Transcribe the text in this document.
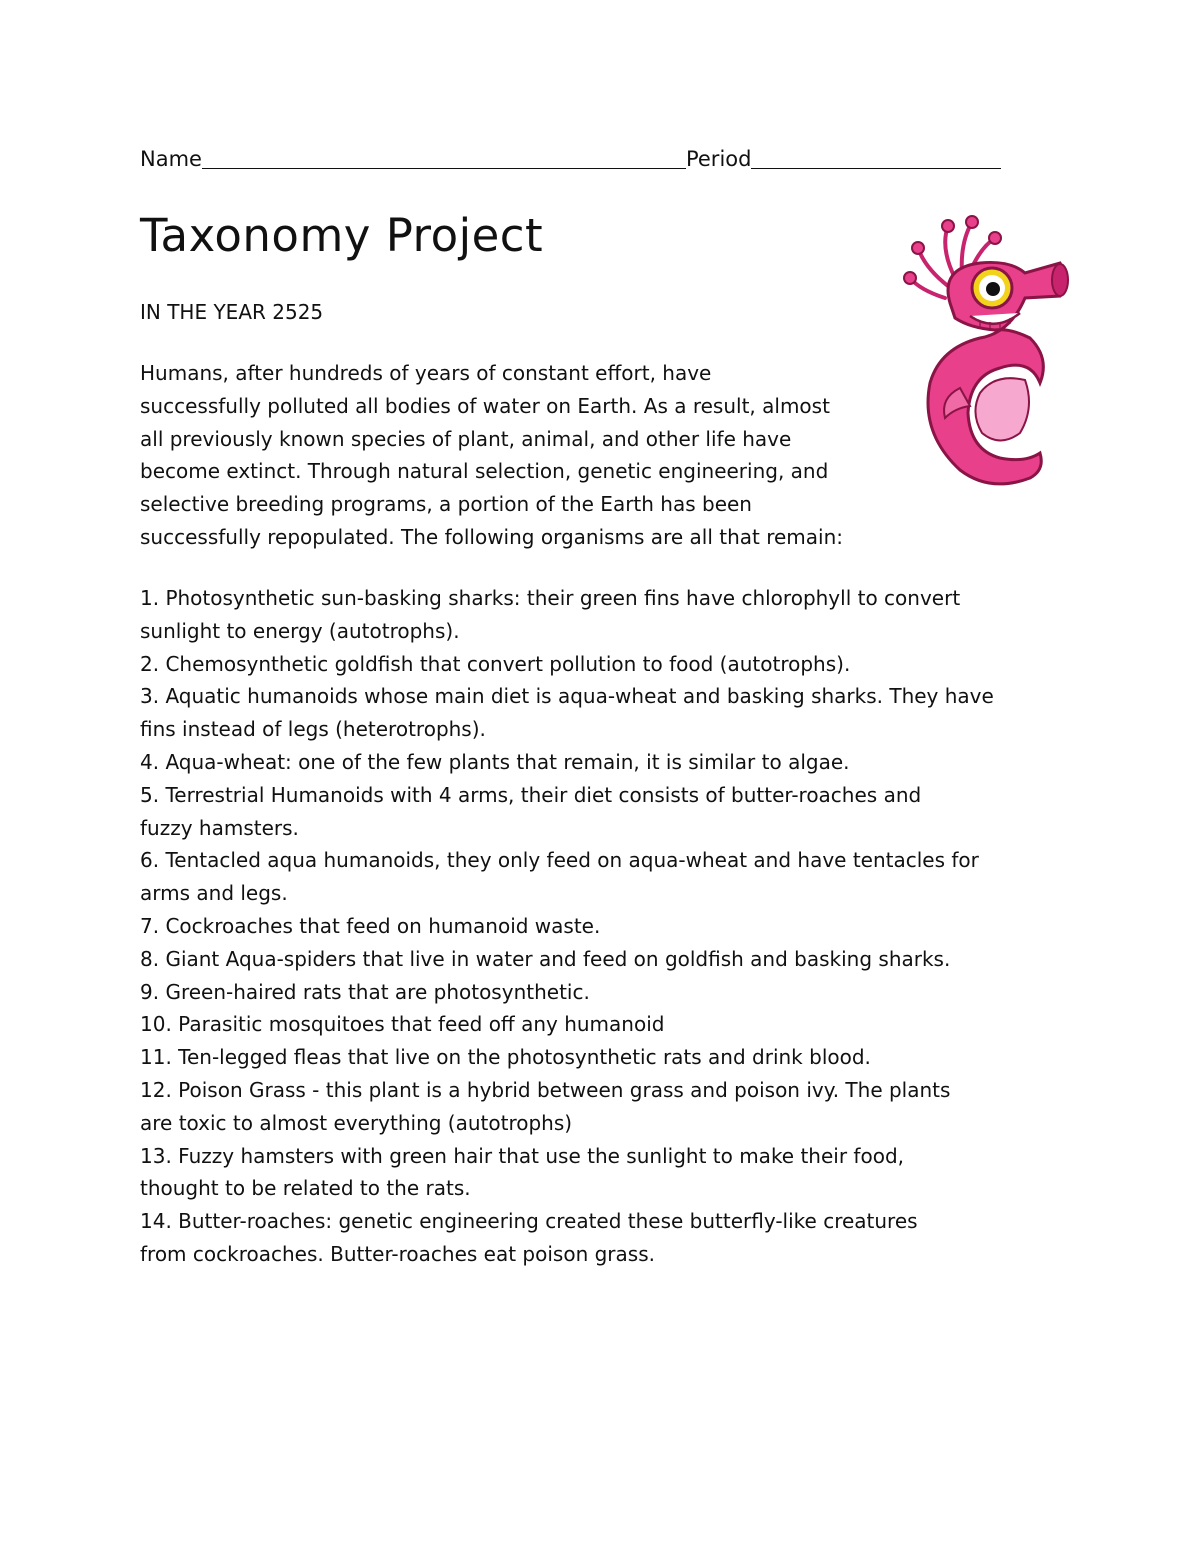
Name	Period
Taxonomy Project
IN THE YEAR 2525

Humans, after hundreds of years of constant effort, have
successfully polluted all bodies of water on Earth. As a result, almost
all previously known species of plant, animal, and other life have
become extinct. Through natural selection, genetic engineering, and
selective breeding programs, a portion of the Earth has been
successfully repopulated. The following organisms are all that remain:

1. Photosynthetic sun-basking sharks: their green fins have chlorophyll to convert
sunlight to energy (autotrophs).
2. Chemosynthetic goldfish that convert pollution to food (autotrophs).
3. Aquatic humanoids whose main diet is aqua-wheat and basking sharks. They have
fins instead of legs (heterotrophs).
4. Aqua-wheat: one of the few plants that remain, it is similar to algae.
5. Terrestrial Humanoids with 4 arms, their diet consists of butter-roaches and
fuzzy hamsters.
6. Tentacled aqua humanoids, they only feed on aqua-wheat and have tentacles for
arms and legs.
7. Cockroaches that feed on humanoid waste.
8. Giant Aqua-spiders that live in water and feed on goldfish and basking sharks.
9. Green-haired rats that are photosynthetic.
10. Parasitic mosquitoes that feed off any humanoid
11. Ten-legged fleas that live on the photosynthetic rats and drink blood.
12. Poison Grass - this plant is a hybrid between grass and poison ivy. The plants
are toxic to almost everything (autotrophs)
13. Fuzzy hamsters with green hair that use the sunlight to make their food,
thought to be related to the rats.
14. Butter-roaches: genetic engineering created these butterfly-like creatures
from cockroaches. Butter-roaches eat poison grass.
